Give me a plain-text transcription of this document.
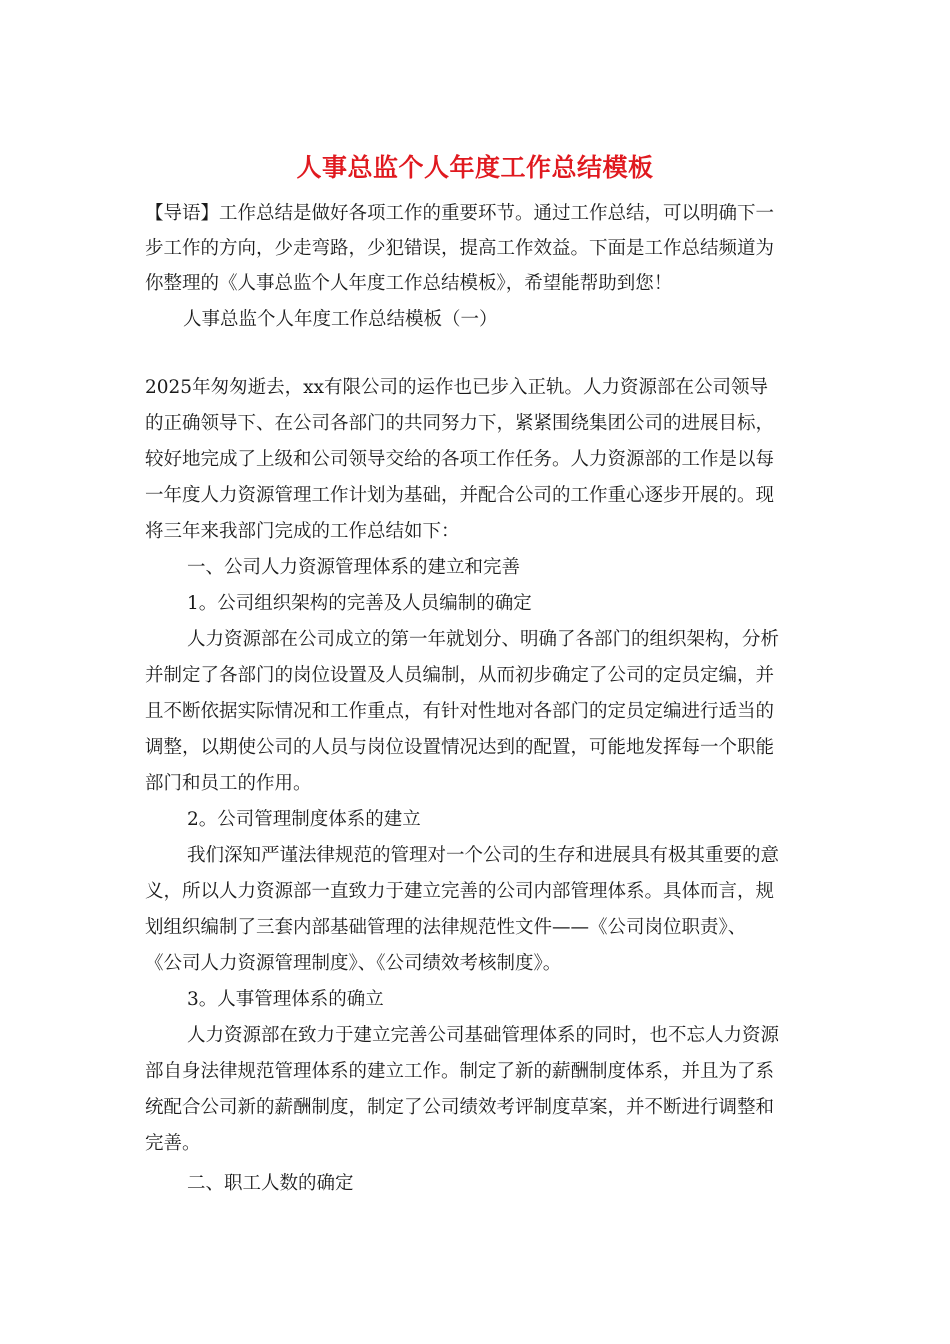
人事总监个人年度工作总结模板
【导语】工作总结是做好各项工作的重要环节。通过工作总结，可以明确下一
步工作的方向，少走弯路，少犯错误，提高工作效益。下面是工作总结频道为
你整理的《人事总监个人年度工作总结模板》，希望能帮助到您！
人事总监个人年度工作总结模板（一）
2025年匆匆逝去，xx有限公司的运作也已步入正轨。人力资源部在公司领导
的正确领导下、在公司各部门的共同努力下，紧紧围绕集团公司的进展目标，
较好地完成了上级和公司领导交给的各项工作任务。人力资源部的工作是以每
一年度人力资源管理工作计划为基础，并配合公司的工作重心逐步开展的。现
将三年来我部门完成的工作总结如下：
一、公司人力资源管理体系的建立和完善
1。公司组织架构的完善及人员编制的确定
人力资源部在公司成立的第一年就划分、明确了各部门的组织架构，分析
并制定了各部门的岗位设置及人员编制，从而初步确定了公司的定员定编，并
且不断依据实际情况和工作重点，有针对性地对各部门的定员定编进行适当的
调整，以期使公司的人员与岗位设置情况达到的配置，可能地发挥每一个职能
部门和员工的作用。
2。公司管理制度体系的建立
我们深知严谨法律规范的管理对一个公司的生存和进展具有极其重要的意
义，所以人力资源部一直致力于建立完善的公司内部管理体系。具体而言，规
划组织编制了三套内部基础管理的法律规范性文件——《公司岗位职责》、
《公司人力资源管理制度》、《公司绩效考核制度》。
3。人事管理体系的确立
人力资源部在致力于建立完善公司基础管理体系的同时，也不忘人力资源
部自身法律规范管理体系的建立工作。制定了新的薪酬制度体系，并且为了系
统配合公司新的薪酬制度，制定了公司绩效考评制度草案，并不断进行调整和
完善。
二、职工人数的确定
